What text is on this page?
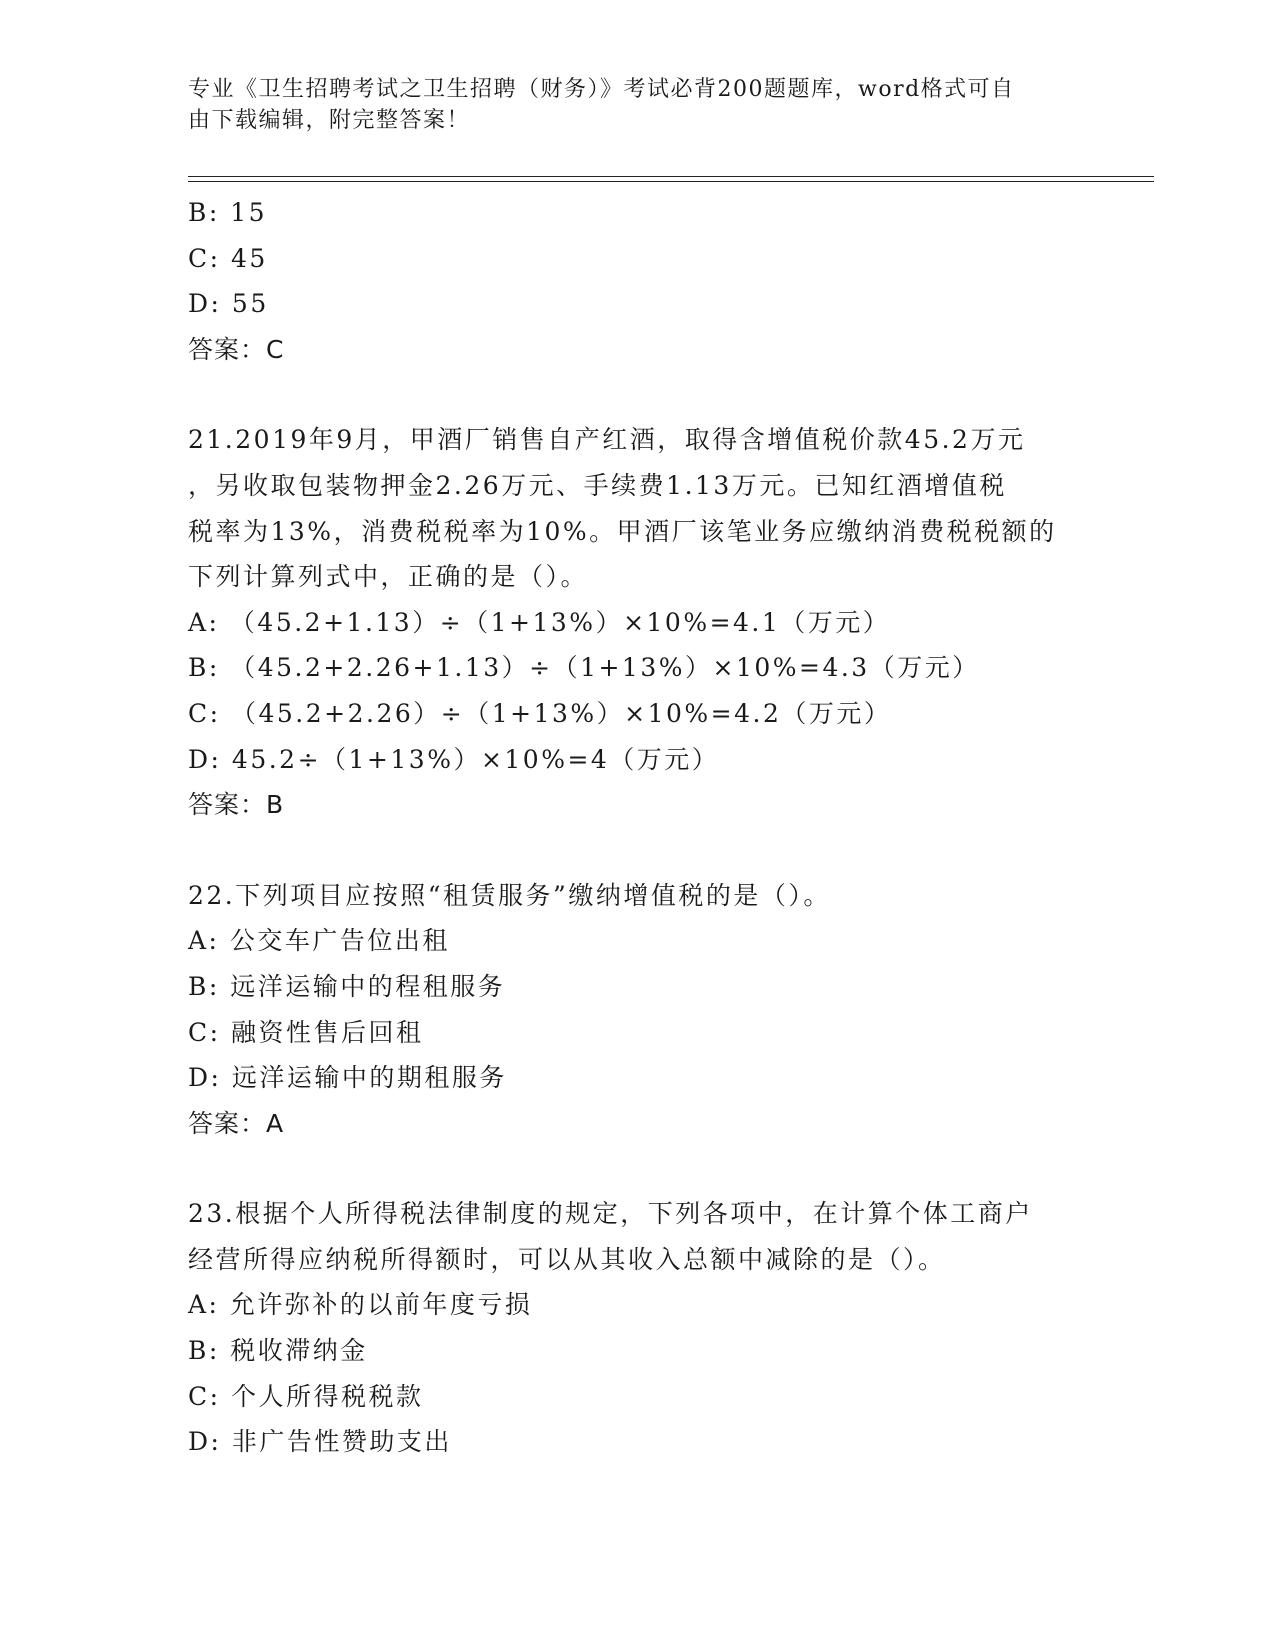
专业《卫生招聘考试之卫生招聘（财务）》考试必背200题题库，word格式可自
由下载编辑，附完整答案！
B: 15
C: 45
D: 55
答案：C
21.2019年9月，甲酒厂销售自产红酒，取得含增值税价款45.2万元
，另收取包装物押金2.26万元、手续费1.13万元。已知红酒增值税
税率为13%，消费税税率为10%。甲酒厂该笔业务应缴纳消费税税额的
下列计算列式中，正确的是（）。
A: （45.2+1.13）÷（1+13%）×10%=4.1（万元）
B: （45.2+2.26+1.13）÷（1+13%）×10%=4.3（万元）
C: （45.2+2.26）÷（1+13%）×10%=4.2（万元）
D: 45.2÷（1+13%）×10%=4（万元）
答案：B
22.下列项目应按照“租赁服务”缴纳增值税的是（）。
A: 公交车广告位出租
B: 远洋运输中的程租服务
C: 融资性售后回租
D: 远洋运输中的期租服务
答案：A
23.根据个人所得税法律制度的规定，下列各项中，在计算个体工商户
经营所得应纳税所得额时，可以从其收入总额中减除的是（）。
A: 允许弥补的以前年度亏损
B: 税收滞纳金
C: 个人所得税税款
D: 非广告性赞助支出
